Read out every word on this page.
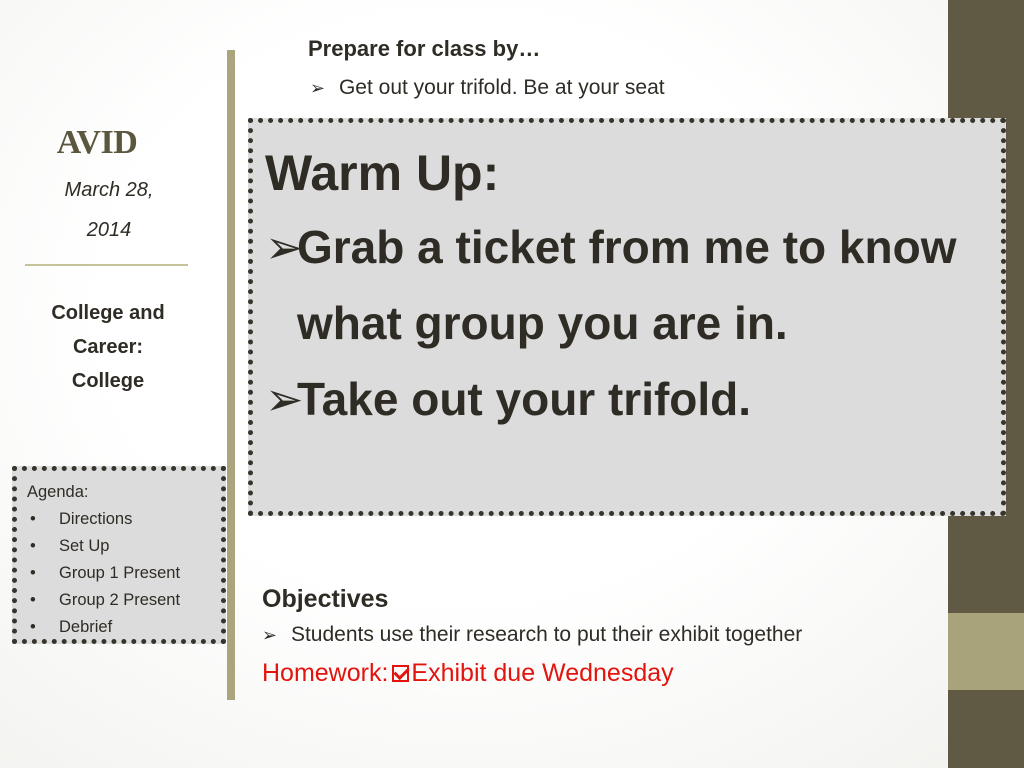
AVID
March 28,
2014
College and
Career:
College
Agenda:
• Directions
• Set Up
• Group 1 Present
• Group 2 Present
• Debrief
Prepare for class by…
➢ Get out your trifold. Be at your seat
Warm Up:
➢
Grab a ticket from me to know what group you are in.
➢
Take out your trifold.
Objectives
➢ Students use their research to put their exhibit together
Homework: Exhibit due Wednesday
